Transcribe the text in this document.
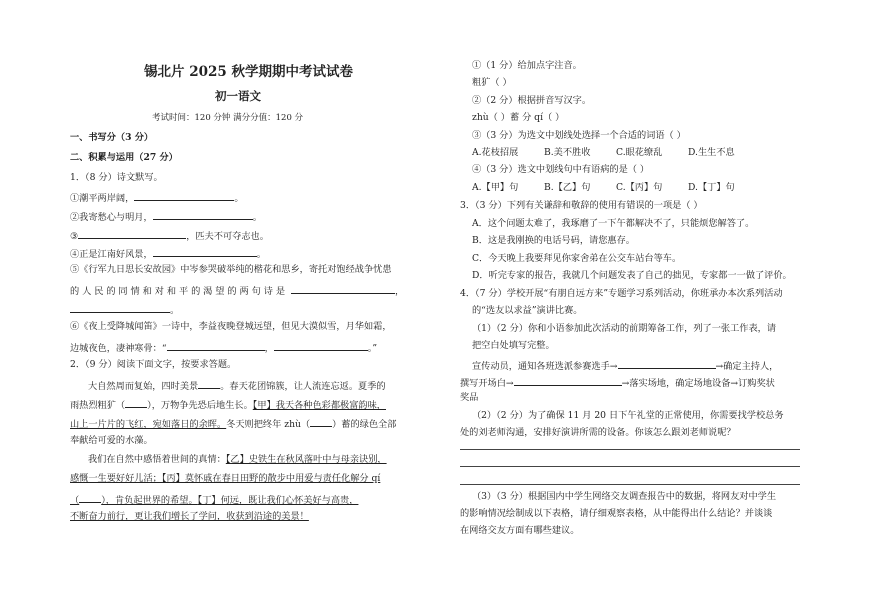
锡北片 2025 秋学期期中考试试卷
初一语文
考试时间：120 分钟 满分分值：120 分
一、书写分（3 分）
二、积累与运用（27 分）
1．（8 分）诗文默写。
①潮平两岸阔，	。
②我寄愁心与明月，	。
③	，匹夫不可夺志也。
④正是江南好风景，	。
⑤《行军九日思长安故园》中岑参哭破举纯的楷花和思乡，寄托对饱经战争忧患
的 人 民 的 同 情 和 对 和 平 的 渴 望 的 两 句 诗 是	，
。
⑥《夜上受降城闻笛》一诗中，李益夜晚登城远望，但见大漠似雪，月华如霜，
边城夜色，凄神寒骨：“	，	。”
2．（9 分）阅读下面文字，按要求答题。
大自然周而复始，四时美景 。春天花团锦簇，让人流连忘返。夏季的
雨热烈粗犷（ ），万物争先恐后地生长。【甲】我天各种色彩都极富韵味，
山上一片片的飞红，宛如落日的余晖。冬天则把终年 zhù（ ）蓄的绿色全部
奉献给可爱的水藻。
我们在自然中感悟着世间的真情：【乙】史铁生在秋风落叶中与母亲诀别，
感慨一生要好好儿活；【丙】莫怀戚在春日田野的散步中用爱与责任化解分 qí
（ ），肯负起世界的希望。【丁】何远，既让我们心怀美好与高贵，
不断奋力前行，更让我们增长了学问，收获到沿途的美景！
①（1 分）给加点字注音。
粗犷（ ）
②（2 分）根据拼音写汉字。
zhù（ ）蓄 分 qí（ ）
③（3 分）为选文中划线处选择一个合适的词语（ ）
A.花枝招展	B.美不胜收	C.眼花缭乱	D.生生不息
④（3 分）选文中划线句中有语病的是（ ）
A.【甲】句	B.【乙】句	C.【丙】句	D.【丁】句
3．（3 分）下列有关谦辞和敬辞的使用有错误的一项是（ ）
A．这个问题太难了，我琢磨了一下午都解决不了，只能烦您解答了。
B．这是我刚换的电话号码，请您惠存。
C．今天晚上我要拜见你家舍弟在公交车站台等车。
D．听完专家的报告，我就几个问题发表了自己的拙见，专家都一一做了评价。
4．（7 分）学校开展“有朋自远方来”专题学习系列活动，你班承办本次系列活动
的“选友以求益”演讲比赛。
（1）（2 分）你和小语参加此次活动的前期筹备工作，列了一张工作表，请
把空白处填写完整。
宣传动员，通知各班选派参赛选手→	→确定主持人，
撰写开场白→	→落实场地，确定场地设备→订购奖状
奖品
（2）（2 分）为了确保 11 月 20 日下午礼堂的正常使用，你需要找学校总务
处的刘老师沟通，安排好演讲所需的设备。你该怎么跟刘老师说呢？
（3）（3 分）根据国内中学生网络交友调查报告中的数据，将网友对中学生
的影响情况绘制成以下表格，请仔细观察表格，从中能得出什么结论？并谈谈
在网络交友方面有哪些建议。
